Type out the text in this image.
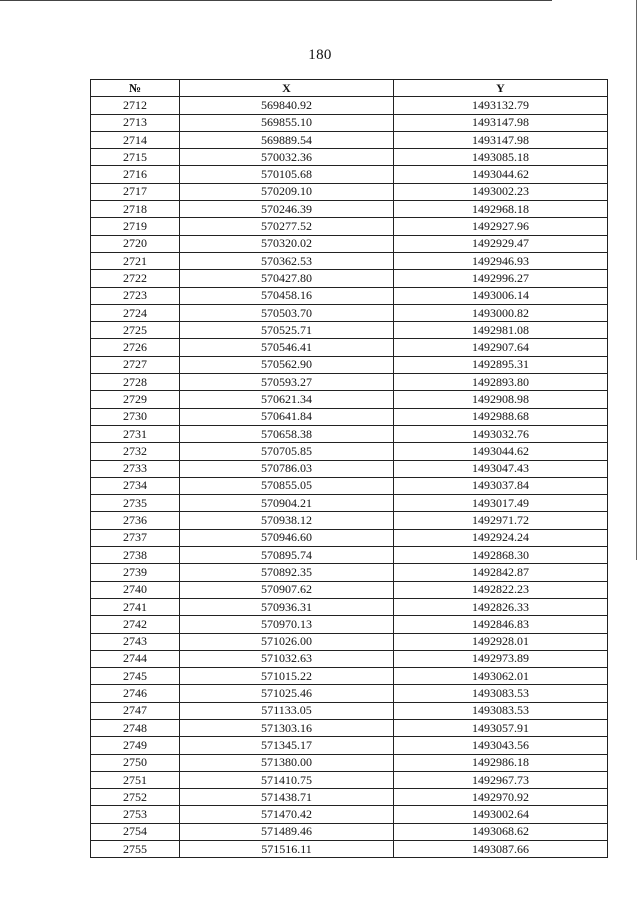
180
№	X	Y
2712	569840.92	1493132.79
2713	569855.10	1493147.98
2714	569889.54	1493147.98
2715	570032.36	1493085.18
2716	570105.68	1493044.62
2717	570209.10	1493002.23
2718	570246.39	1492968.18
2719	570277.52	1492927.96
2720	570320.02	1492929.47
2721	570362.53	1492946.93
2722	570427.80	1492996.27
2723	570458.16	1493006.14
2724	570503.70	1493000.82
2725	570525.71	1492981.08
2726	570546.41	1492907.64
2727	570562.90	1492895.31
2728	570593.27	1492893.80
2729	570621.34	1492908.98
2730	570641.84	1492988.68
2731	570658.38	1493032.76
2732	570705.85	1493044.62
2733	570786.03	1493047.43
2734	570855.05	1493037.84
2735	570904.21	1493017.49
2736	570938.12	1492971.72
2737	570946.60	1492924.24
2738	570895.74	1492868.30
2739	570892.35	1492842.87
2740	570907.62	1492822.23
2741	570936.31	1492826.33
2742	570970.13	1492846.83
2743	571026.00	1492928.01
2744	571032.63	1492973.89
2745	571015.22	1493062.01
2746	571025.46	1493083.53
2747	571133.05	1493083.53
2748	571303.16	1493057.91
2749	571345.17	1493043.56
2750	571380.00	1492986.18
2751	571410.75	1492967.73
2752	571438.71	1492970.92
2753	571470.42	1493002.64
2754	571489.46	1493068.62
2755	571516.11	1493087.66
